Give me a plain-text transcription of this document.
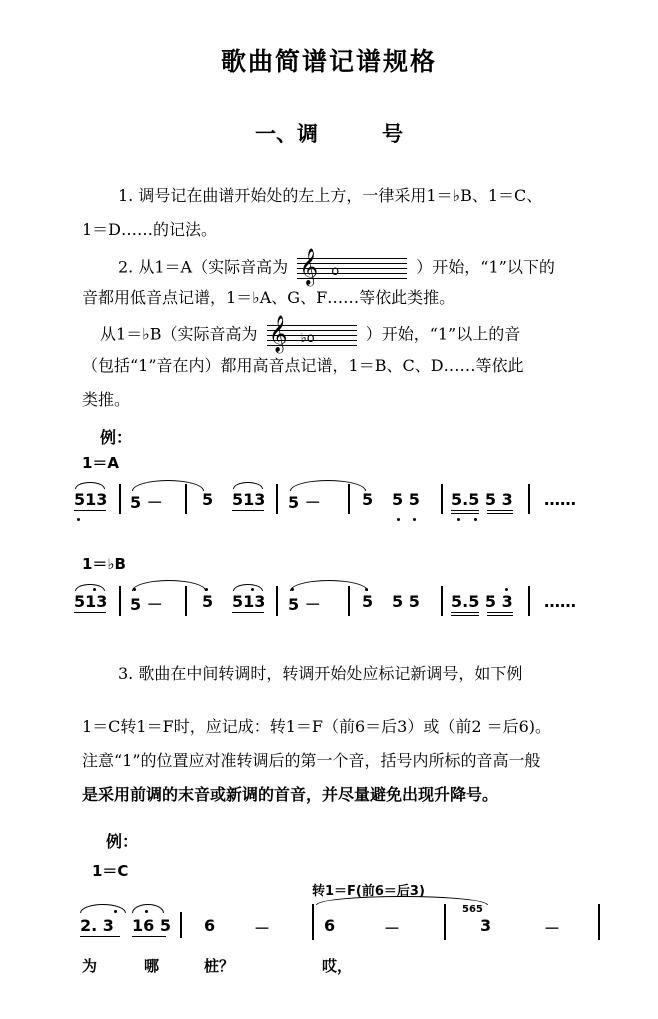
歌曲简谱记谱规格
一、调	号
1. 调号记在曲谱开始处的左上方，一律采用1＝♭B、1＝C、
1＝D……的记法。
2. 从1＝A（实际音高为 𝄞 o	）开始，“1”以下的
音都用低音点记谱，1＝♭A、G、F……等依此类推。
从1＝♭B（实际音高为 𝄞 ♭o	）开始，“1”以上的音
（包括“1”音在内）都用高音点记谱，1＝B、C、D……等依此
类推。
例：
1＝A
513 5 － 5 513 5 －	5 5 5 5.5 5 3 ……
1＝♭B
513 5 － 5 513 5 －	5 5 5 5.5 5 3 ……
3. 歌曲在中间转调时，转调开始处应标记新调号，如下例
1＝C转1＝F时，应记成：转1＝F（前6＝后3）或（前2 ＝后6)。
注意“1”的位置应对准转调后的第一个音，括号内所标的音高一般
是采用前调的末音或新调的首音，并尽量避免出现升降号。
例：
1＝C
转1＝F(前6＝后3)
2. 3 16 5 6 －	6	－
565
3	－
为	哪	桩？	哎，
